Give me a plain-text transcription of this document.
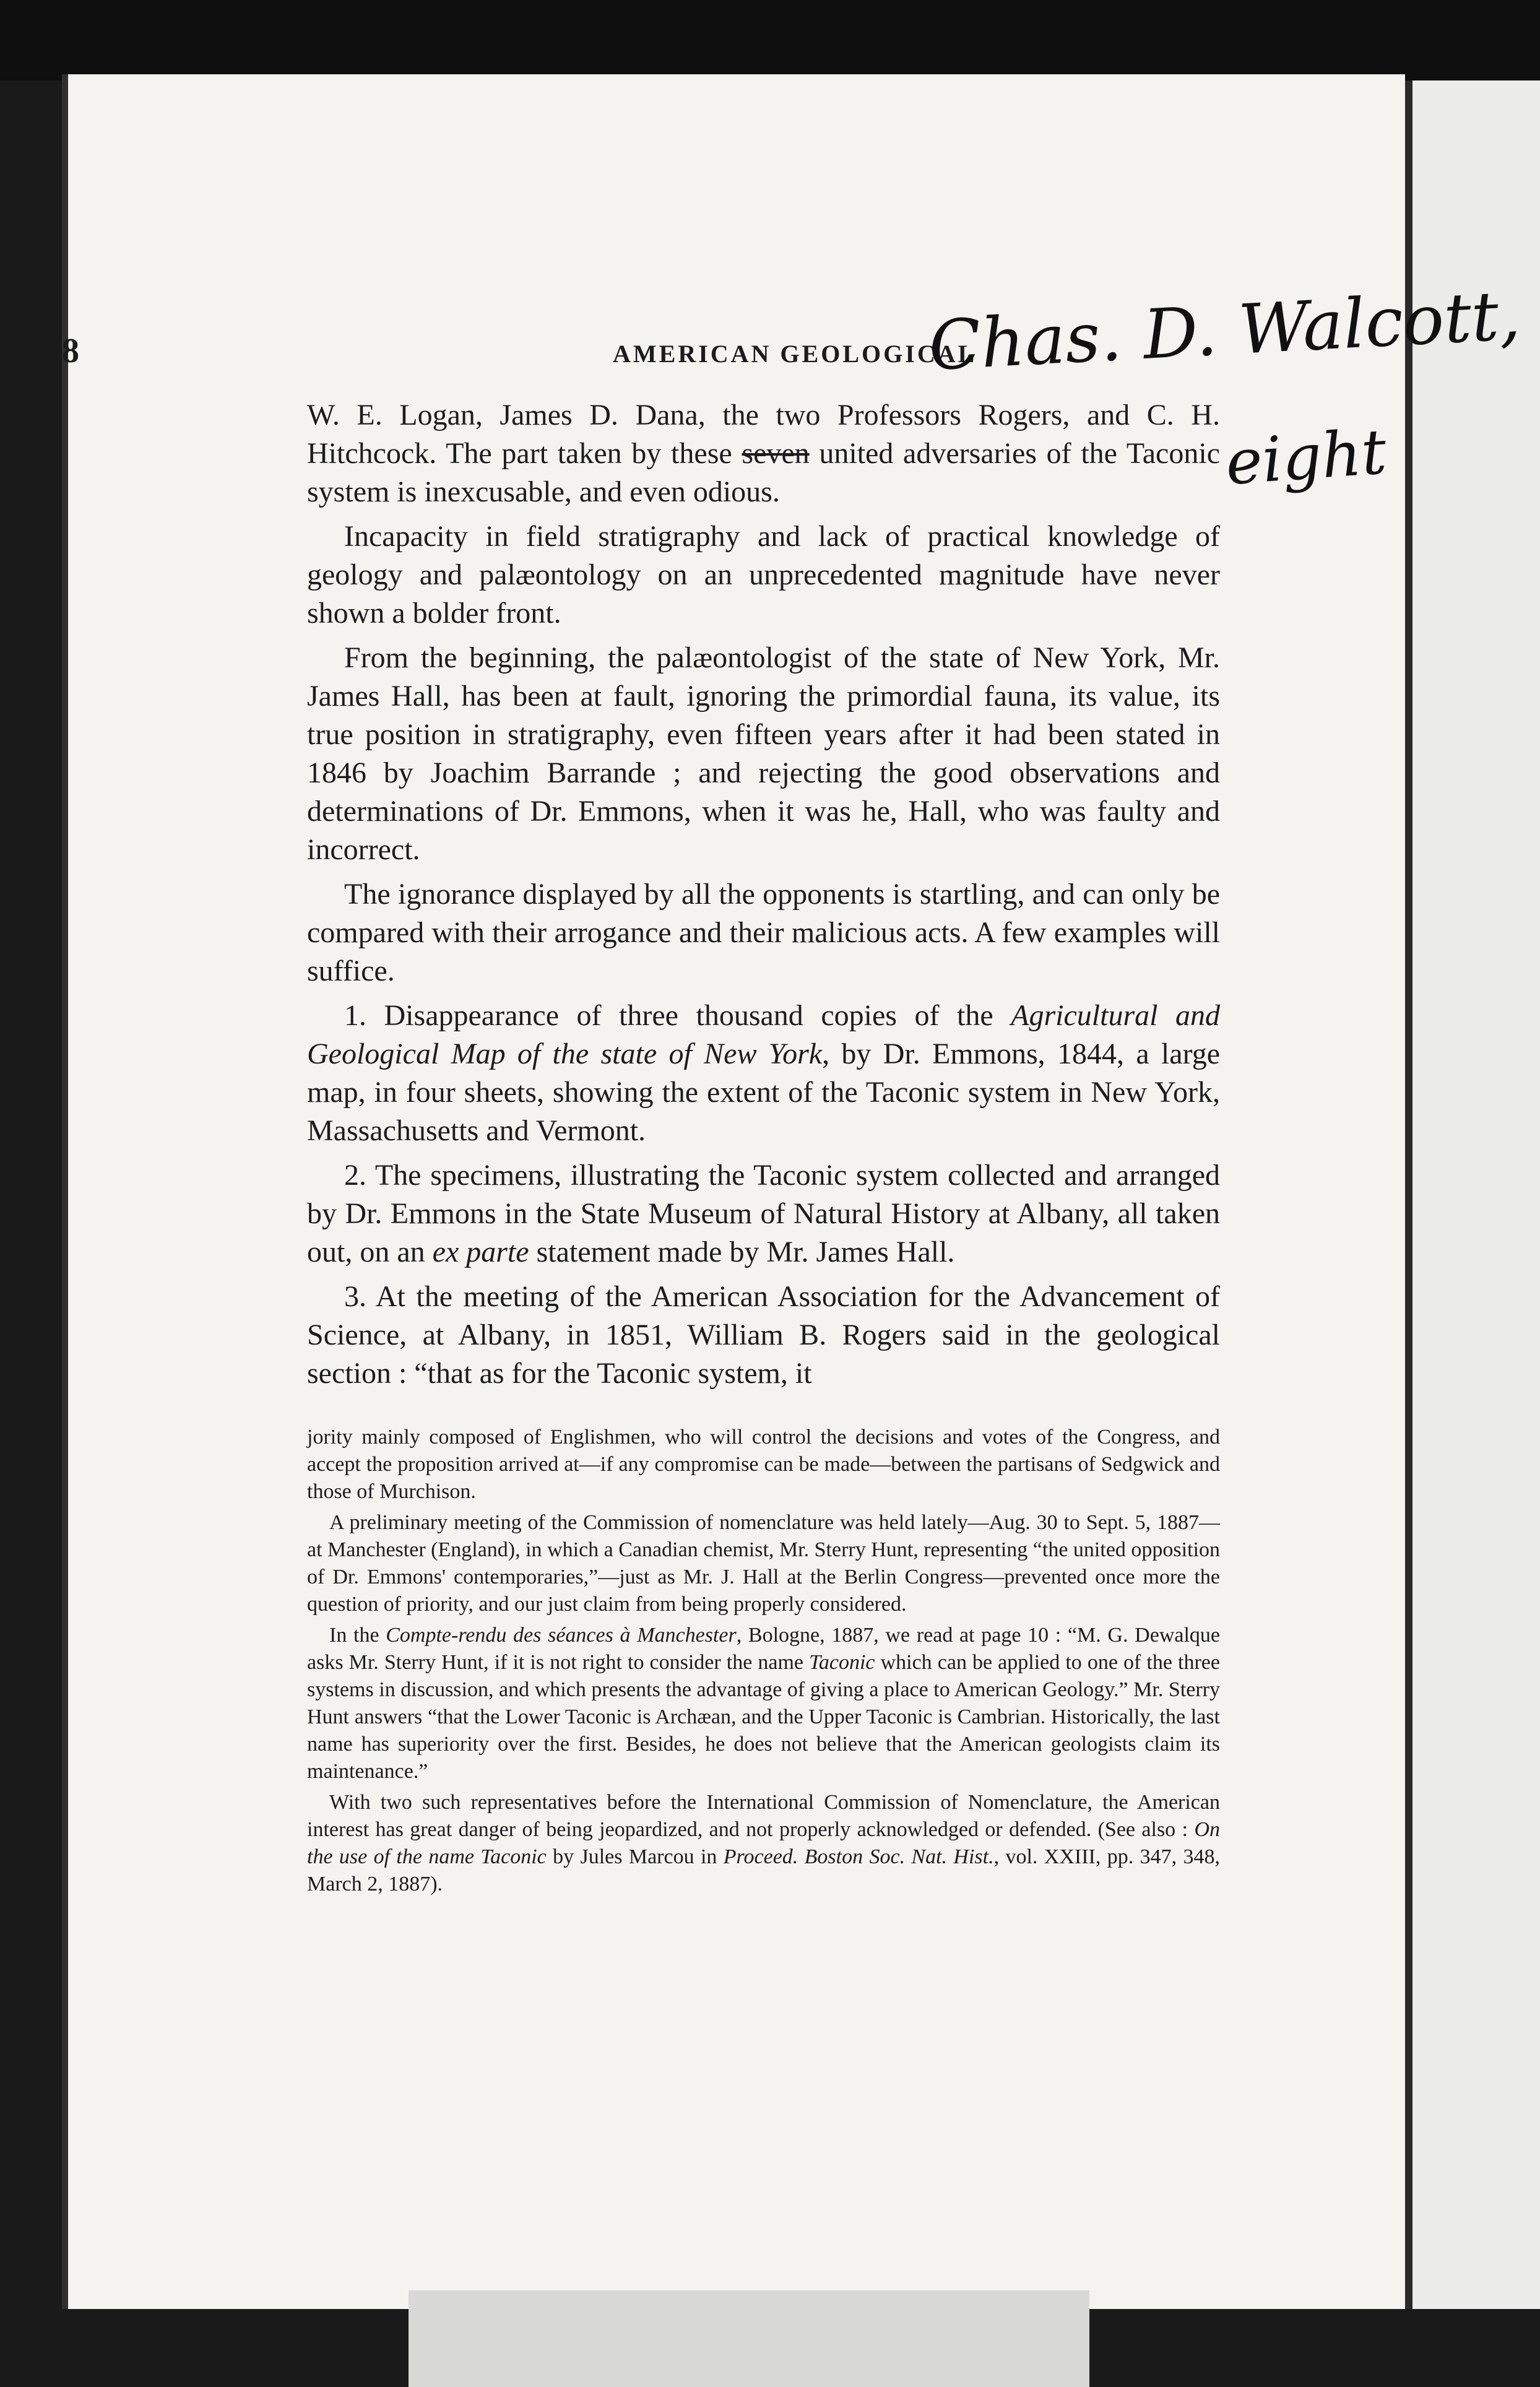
8	AMERICAN GEOLOGICAL
Chas. D. Walcott,
eight

W. E. Logan, James D. Dana, the two Professors Rogers, and C. H. Hitchcock. The part taken by these seven united adversaries of the Taconic system is inexcusable, and even odious.

Incapacity in field stratigraphy and lack of practical knowledge of geology and palæontology on an unprecedented magnitude have never shown a bolder front.

From the beginning, the palæontologist of the state of New York, Mr. James Hall, has been at fault, ignoring the primordial fauna, its value, its true position in stratigraphy, even fifteen years after it had been stated in 1846 by Joachim Barrande ; and rejecting the good observations and determinations of Dr. Emmons, when it was he, Hall, who was faulty and incorrect.

The ignorance displayed by all the opponents is startling, and can only be compared with their arrogance and their malicious acts. A few examples will suffice.

1. Disappearance of three thousand copies of the Agricultural and Geological Map of the state of New York, by Dr. Emmons, 1844, a large map, in four sheets, showing the extent of the Taconic system in New York, Massachusetts and Vermont.

2. The specimens, illustrating the Taconic system collected and arranged by Dr. Emmons in the State Museum of Natural History at Albany, all taken out, on an ex parte statement made by Mr. James Hall.

3. At the meeting of the American Association for the Advancement of Science, at Albany, in 1851, William B. Rogers said in the geological section : “that as for the Taconic system, it

jority mainly composed of Englishmen, who will control the decisions and votes of the Congress, and accept the proposition arrived at—if any compromise can be made—between the partisans of Sedgwick and those of Murchison.

A preliminary meeting of the Commission of nomenclature was held lately—Aug. 30 to Sept. 5, 1887—at Manchester (England), in which a Canadian chemist, Mr. Sterry Hunt, representing “the united opposition of Dr. Emmons' contemporaries,”—just as Mr. J. Hall at the Berlin Congress—prevented once more the question of priority, and our just claim from being properly considered.

In the Compte-rendu des séances à Manchester, Bologne, 1887, we read at page 10 : “M. G. Dewalque asks Mr. Sterry Hunt, if it is not right to consider the name Taconic which can be applied to one of the three systems in discussion, and which presents the advantage of giving a place to American Geology.” Mr. Sterry Hunt answers “that the Lower Taconic is Archæan, and the Upper Taconic is Cambrian. Historically, the last name has superiority over the first. Besides, he does not believe that the American geologists claim its maintenance.”

With two such representatives before the International Commission of Nomenclature, the American interest has great danger of being jeopardized, and not properly acknowledged or defended. (See also : On the use of the name Taconic by Jules Marcou in Proceed. Boston Soc. Nat. Hist., vol. XXIII, pp. 347, 348, March 2, 1887).
